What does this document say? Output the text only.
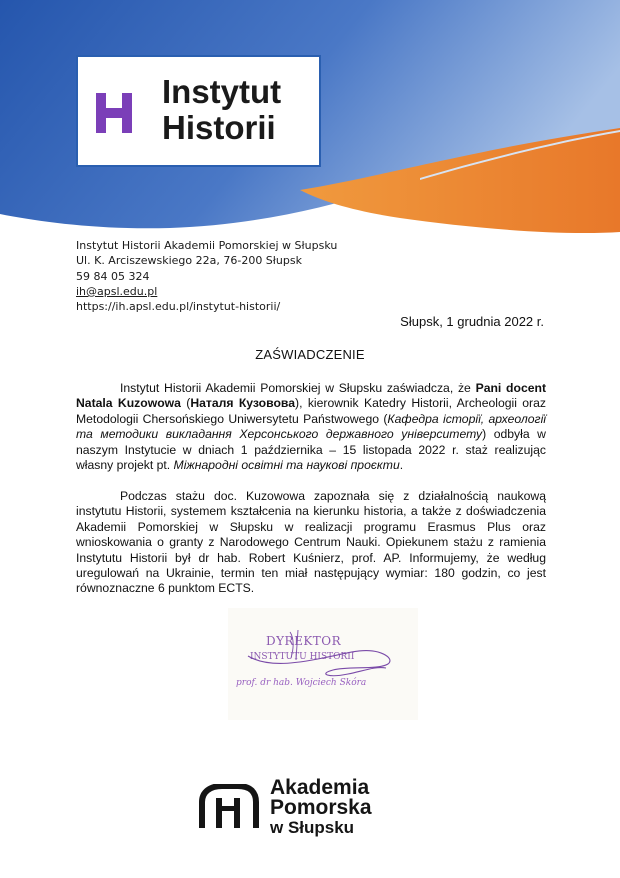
Instytut
Historii
Instytut Historii Akademii Pomorskiej w Słupsku
Ul. K. Arciszewskiego 22a, 76-200 Słupsk
59 84 05 324
ih@apsl.edu.pl
https://ih.apsl.edu.pl/instytut-historii/
Słupsk, 1 grudnia 2022 r.
ZAŚWIADCZENIE
Instytut Historii Akademii Pomorskiej w Słupsku zaświadcza, że Pani docent Natala Kuzowowa (Наталя Кузовова), kierownik Katedry Historii, Archeologii oraz Metodologii Chersońskiego Uniwersytetu Państwowego (Кафедра історії, археології та методики викладання Херсонського державного університету) odbyła w naszym Instytucie w dniach 1 października – 15 listopada 2022 r. staż realizując własny projekt pt. Міжнародні освітні та наукові проєкти.
Podczas stażu doc. Kuzowowa zapoznała się z działalnością naukową instytutu Historii, systemem kształcenia na kierunku historia, a także z doświadczenia Akademii Pomorskiej w Słupsku w realizacji programu Erasmus Plus oraz wnioskowania o granty z Narodowego Centrum Nauki. Opiekunem stażu z ramienia Instytutu Historii był dr hab. Robert Kuśnierz, prof. AP. Informujemy, że według uregulowań na Ukrainie, termin ten miał następujący wymiar: 180 godzin, co jest równoznaczne 6 punktom ECTS.
DYREKTOR
INSTYTUTU HISTORII
prof. dr hab. Wojciech Skóra
Akademia
Pomorska
w Słupsku
